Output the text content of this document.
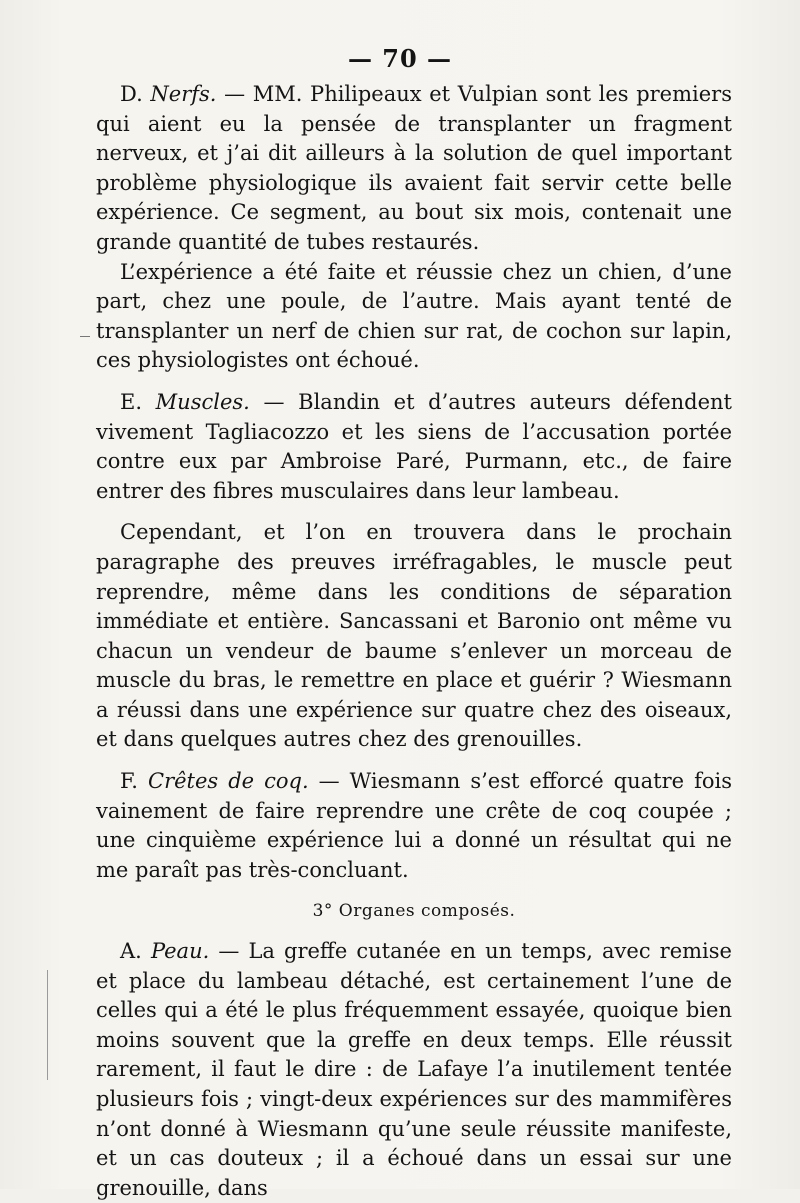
— 70 —

D. Nerfs. — MM. Philipeaux et Vulpian sont les premiers qui aient eu la pensée de transplanter un fragment nerveux, et j’ai dit ailleurs à la solution de quel important problème physiologique ils avaient fait servir cette belle expérience. Ce segment, au bout six mois, contenait une grande quantité de tubes restaurés.

L’expérience a été faite et réussie chez un chien, d’une part, chez une poule, de l’autre. Mais ayant tenté de transplanter un nerf de chien sur rat, de cochon sur lapin, ces physiologistes ont échoué.

E. Muscles. — Blandin et d’autres auteurs défendent vivement Tagliacozzo et les siens de l’accusation portée contre eux par Ambroise Paré, Purmann, etc., de faire entrer des fibres musculaires dans leur lambeau.

Cependant, et l’on en trouvera dans le prochain paragraphe des preuves irréfragables, le muscle peut reprendre, même dans les conditions de séparation immédiate et entière. Sancassani et Baronio ont même vu chacun un vendeur de baume s’enlever un morceau de muscle du bras, le remettre en place et guérir ? Wiesmann a réussi dans une expérience sur quatre chez des oiseaux, et dans quelques autres chez des grenouilles.

F. Crêtes de coq. — Wiesmann s’est efforcé quatre fois vainement de faire reprendre une crête de coq coupée ; une cinquième expérience lui a donné un résultat qui ne me paraît pas très-concluant.

3° Organes composés.

A. Peau. — La greffe cutanée en un temps, avec remise et place du lambeau détaché, est certainement l’une de celles qui a été le plus fréquemment essayée, quoique bien moins souvent que la greffe en deux temps. Elle réussit rarement, il faut le dire : de Lafaye l’a inutilement tentée plusieurs fois ; vingt-deux expériences sur des mammifères n’ont donné à Wiesmann qu’une seule réussite manifeste, et un cas douteux ; il a échoué dans un essai sur une grenouille, dans
